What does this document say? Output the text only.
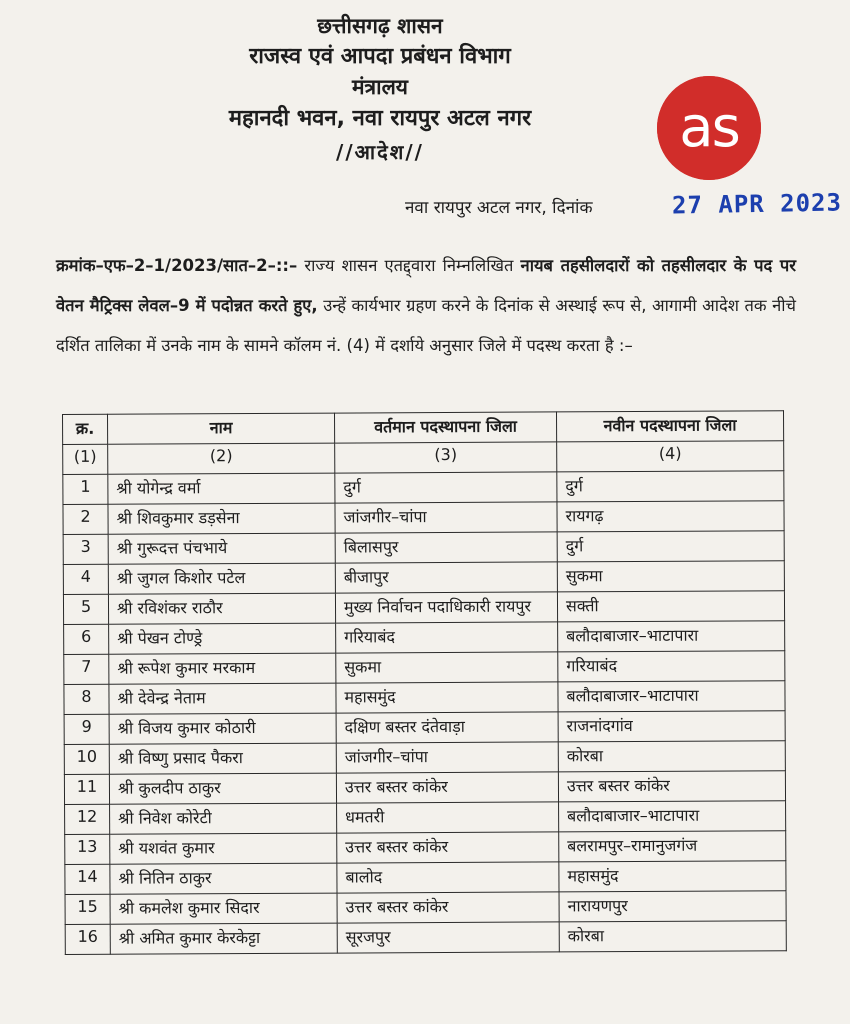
छत्तीसगढ़ शासन
राजस्व एवं आपदा प्रबंधन विभाग
मंत्रालय
महानदी भवन, नवा रायपुर अटल नगर
//आदेश//	as
नवा रायपुर अटल नगर, दिनांक	27 APR 2023
क्रमांक–एफ–2–1/2023/सात–2–::– राज्य शासन एतद्द्वारा निम्नलिखित नायब तहसीलदारों को तहसीलदार के पद पर वेतन मैट्रिक्स लेवल–9 में पदोन्नत करते हुए, उन्हें कार्यभार ग्रहण करने के दिनांक से अस्थाई रूप से, आगामी आदेश तक नीचे दर्शित तालिका में उनके नाम के सामने कॉलम नं. (4) में दर्शाये अनुसार जिले में पदस्थ करता है :–
क्र.	नाम	वर्तमान पदस्थापना जिला	नवीन पदस्थापना जिला
(1)	(2)	(3)	(4)
1	श्री योगेन्द्र वर्मा	दुर्ग	दुर्ग
2	श्री शिवकुमार डड़सेना	जांजगीर–चांपा	रायगढ़
3	श्री गुरूदत्त पंचभाये	बिलासपुर	दुर्ग
4	श्री जुगल किशोर पटेल	बीजापुर	सुकमा
5	श्री रविशंकर राठौर	मुख्य निर्वाचन पदाधिकारी रायपुर	सक्ती
6	श्री पेखन टोण्ड्रे	गरियाबंद	बलौदाबाजार–भाटापारा
7	श्री रूपेश कुमार मरकाम	सुकमा	गरियाबंद
8	श्री देवेन्द्र नेताम	महासमुंद	बलौदाबाजार–भाटापारा
9	श्री विजय कुमार कोठारी	दक्षिण बस्तर दंतेवाड़ा	राजनांदगांव
10	श्री विष्णु प्रसाद पैकरा	जांजगीर–चांपा	कोरबा
11	श्री कुलदीप ठाकुर	उत्तर बस्तर कांकेर	उत्तर बस्तर कांकेर
12	श्री निवेश कोरेटी	धमतरी	बलौदाबाजार–भाटापारा
13	श्री यशवंत कुमार	उत्तर बस्तर कांकेर	बलरामपुर–रामानुजगंज
14	श्री नितिन ठाकुर	बालोद	महासमुंद
15	श्री कमलेश कुमार सिदार	उत्तर बस्तर कांकेर	नारायणपुर
16	श्री अमित कुमार केरकेट्टा	सूरजपुर	कोरबा
